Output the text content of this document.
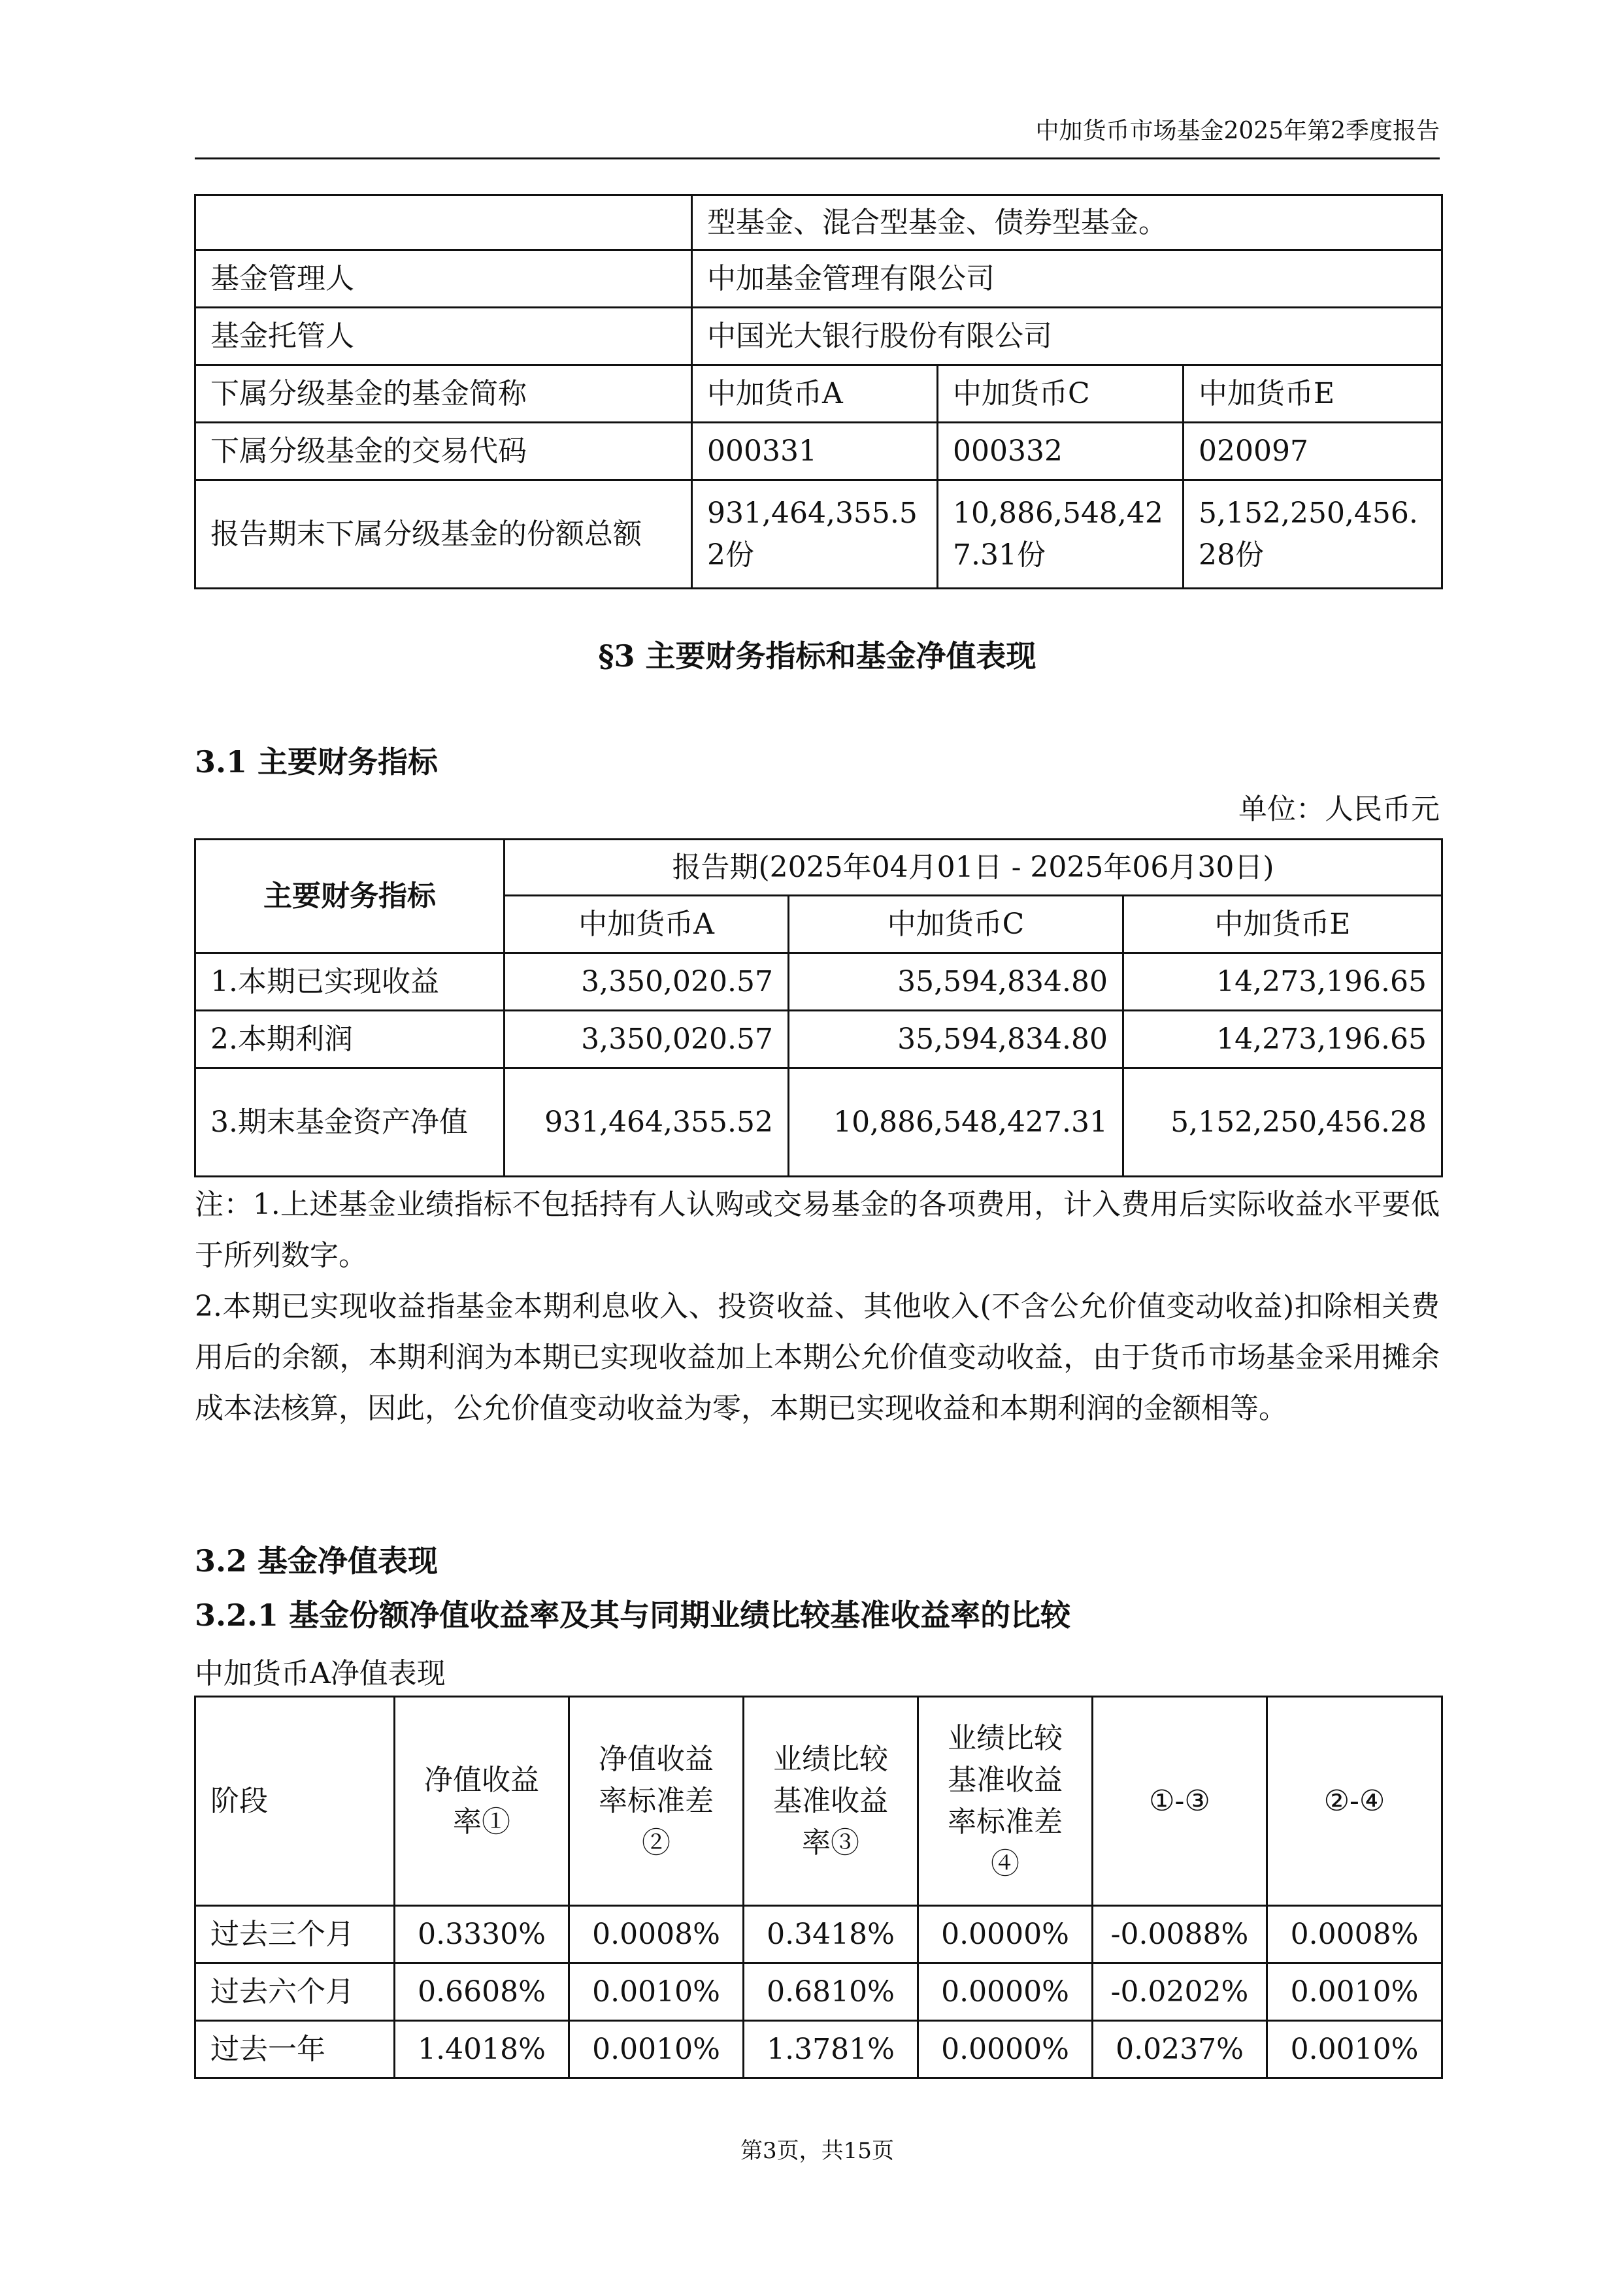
中加货币市场基金2025年第2季度报告
	型基金、混合型基金、债券型基金。		
基金管理人	中加基金管理有限公司		
基金托管人	中国光大银行股份有限公司		
下属分级基金的基金简称	中加货币A	中加货币C	中加货币E
下属分级基金的交易代码	000331	000332	020097
报告期末下属分级基金的份额总额	931,464,355.52份	10,886,548,427.31份	5,152,250,456.28份
§3 主要财务指标和基金净值表现
3.1 主要财务指标
单位：人民币元
主要财务指标	报告期(2025年04月01日 - 2025年06月30日)		
	中加货币A	中加货币C	中加货币E
1.本期已实现收益	3,350,020.57	35,594,834.80	14,273,196.65
2.本期利润	3,350,020.57	35,594,834.80	14,273,196.65
3.期末基金资产净值	931,464,355.52	10,886,548,427.31	5,152,250,456.28

注：1.上述基金业绩指标不包括持有人认购或交易基金的各项费用，计入费用后实际收益水平要低于所列数字。

2.本期已实现收益指基金本期利息收入、投资收益、其他收入(不含公允价值变动收益)扣除相关费用后的余额，本期利润为本期已实现收益加上本期公允价值变动收益，由于货币市场基金采用摊余成本法核算，因此，公允价值变动收益为零，本期已实现收益和本期利润的金额相等。

3.2 基金净值表现
3.2.1 基金份额净值收益率及其与同期业绩比较基准收益率的比较
中加货币A净值表现
阶段	净值收益率①	净值收益率标准差②	业绩比较基准收益率③	业绩比较基准收益率标准差④	①-③	②-④
过去三个月	0.3330%	0.0008%	0.3418%	0.0000%	-0.0088%	0.0008%
过去六个月	0.6608%	0.0010%	0.6810%	0.0000%	-0.0202%	0.0010%
过去一年	1.4018%	0.0010%	1.3781%	0.0000%	0.0237%	0.0010%
第3页，共15页
